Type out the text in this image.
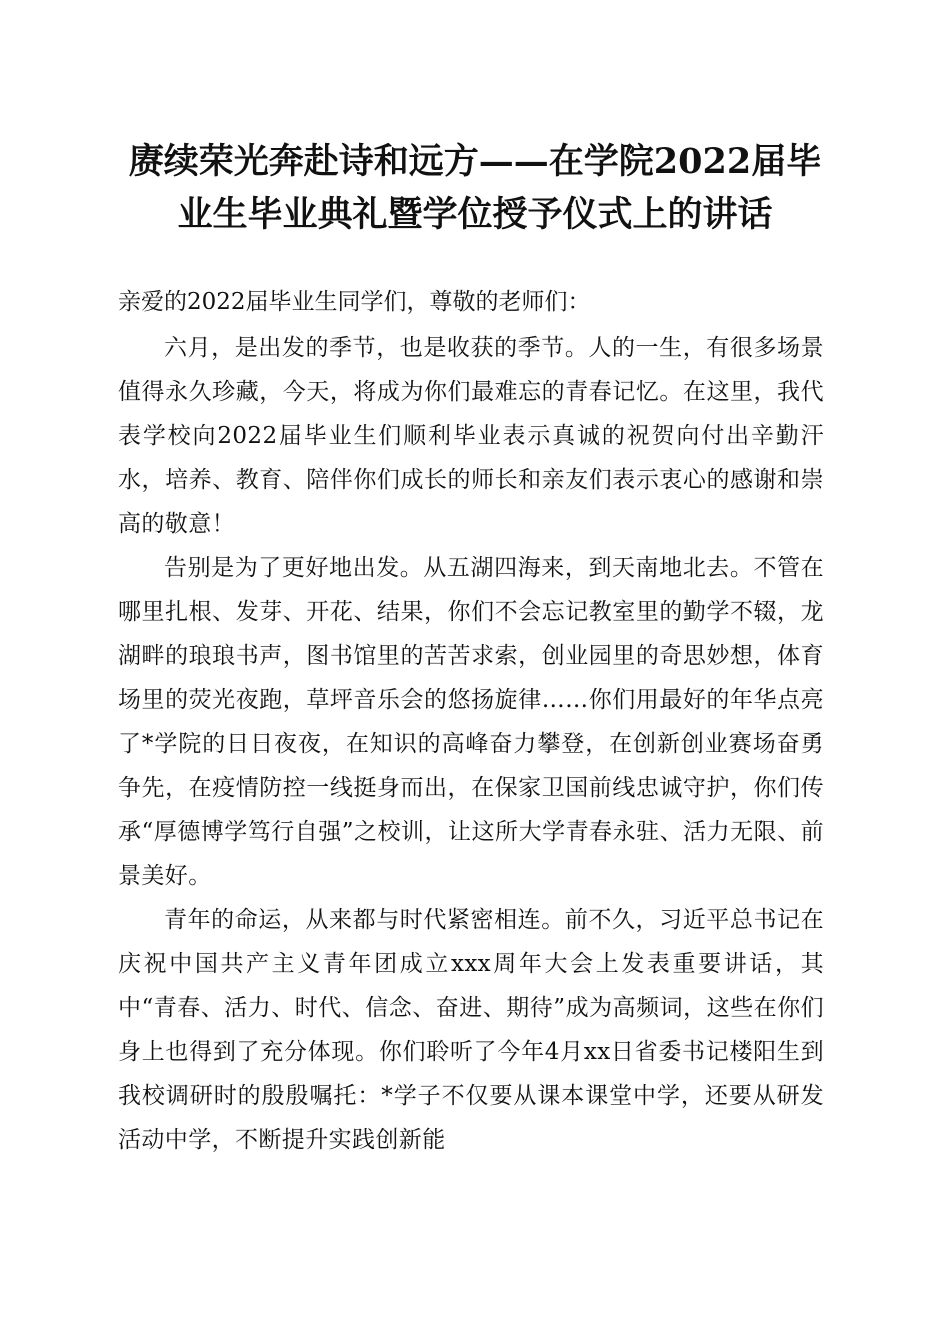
赓续荣光奔赴诗和远方——在学院2022届毕
业生毕业典礼暨学位授予仪式上的讲话

亲爱的2022届毕业生同学们，尊敬的老师们：

六月，是出发的季节，也是收获的季节。人的一生，有很多场景值得永久珍藏，今天，将成为你们最难忘的青春记忆。在这里，我代表学校向2022届毕业生们顺利毕业表示真诚的祝贺向付出辛勤汗水，培养、教育、陪伴你们成长的师长和亲友们表示衷心的感谢和崇高的敬意！

告别是为了更好地出发。从五湖四海来，到天南地北去。不管在哪里扎根、发芽、开花、结果，你们不会忘记教室里的勤学不辍，龙湖畔的琅琅书声，图书馆里的苦苦求索，创业园里的奇思妙想，体育场里的荧光夜跑，草坪音乐会的悠扬旋律……你们用最好的年华点亮了*学院的日日夜夜，在知识的高峰奋力攀登，在创新创业赛场奋勇争先，在疫情防控一线挺身而出，在保家卫国前线忠诚守护，你们传承“厚德博学笃行自强”之校训，让这所大学青春永驻、活力无限、前景美好。

青年的命运，从来都与时代紧密相连。前不久，习近平总书记在庆祝中国共产主义青年团成立xxx周年大会上发表重要讲话，其中“青春、活力、时代、信念、奋进、期待”成为高频词，这些在你们身上也得到了充分体现。你们聆听了今年4月xx日省委书记楼阳生到我校调研时的殷殷嘱托：*学子不仅要从课本课堂中学，还要从研发活动中学，不断提升实践创新能
